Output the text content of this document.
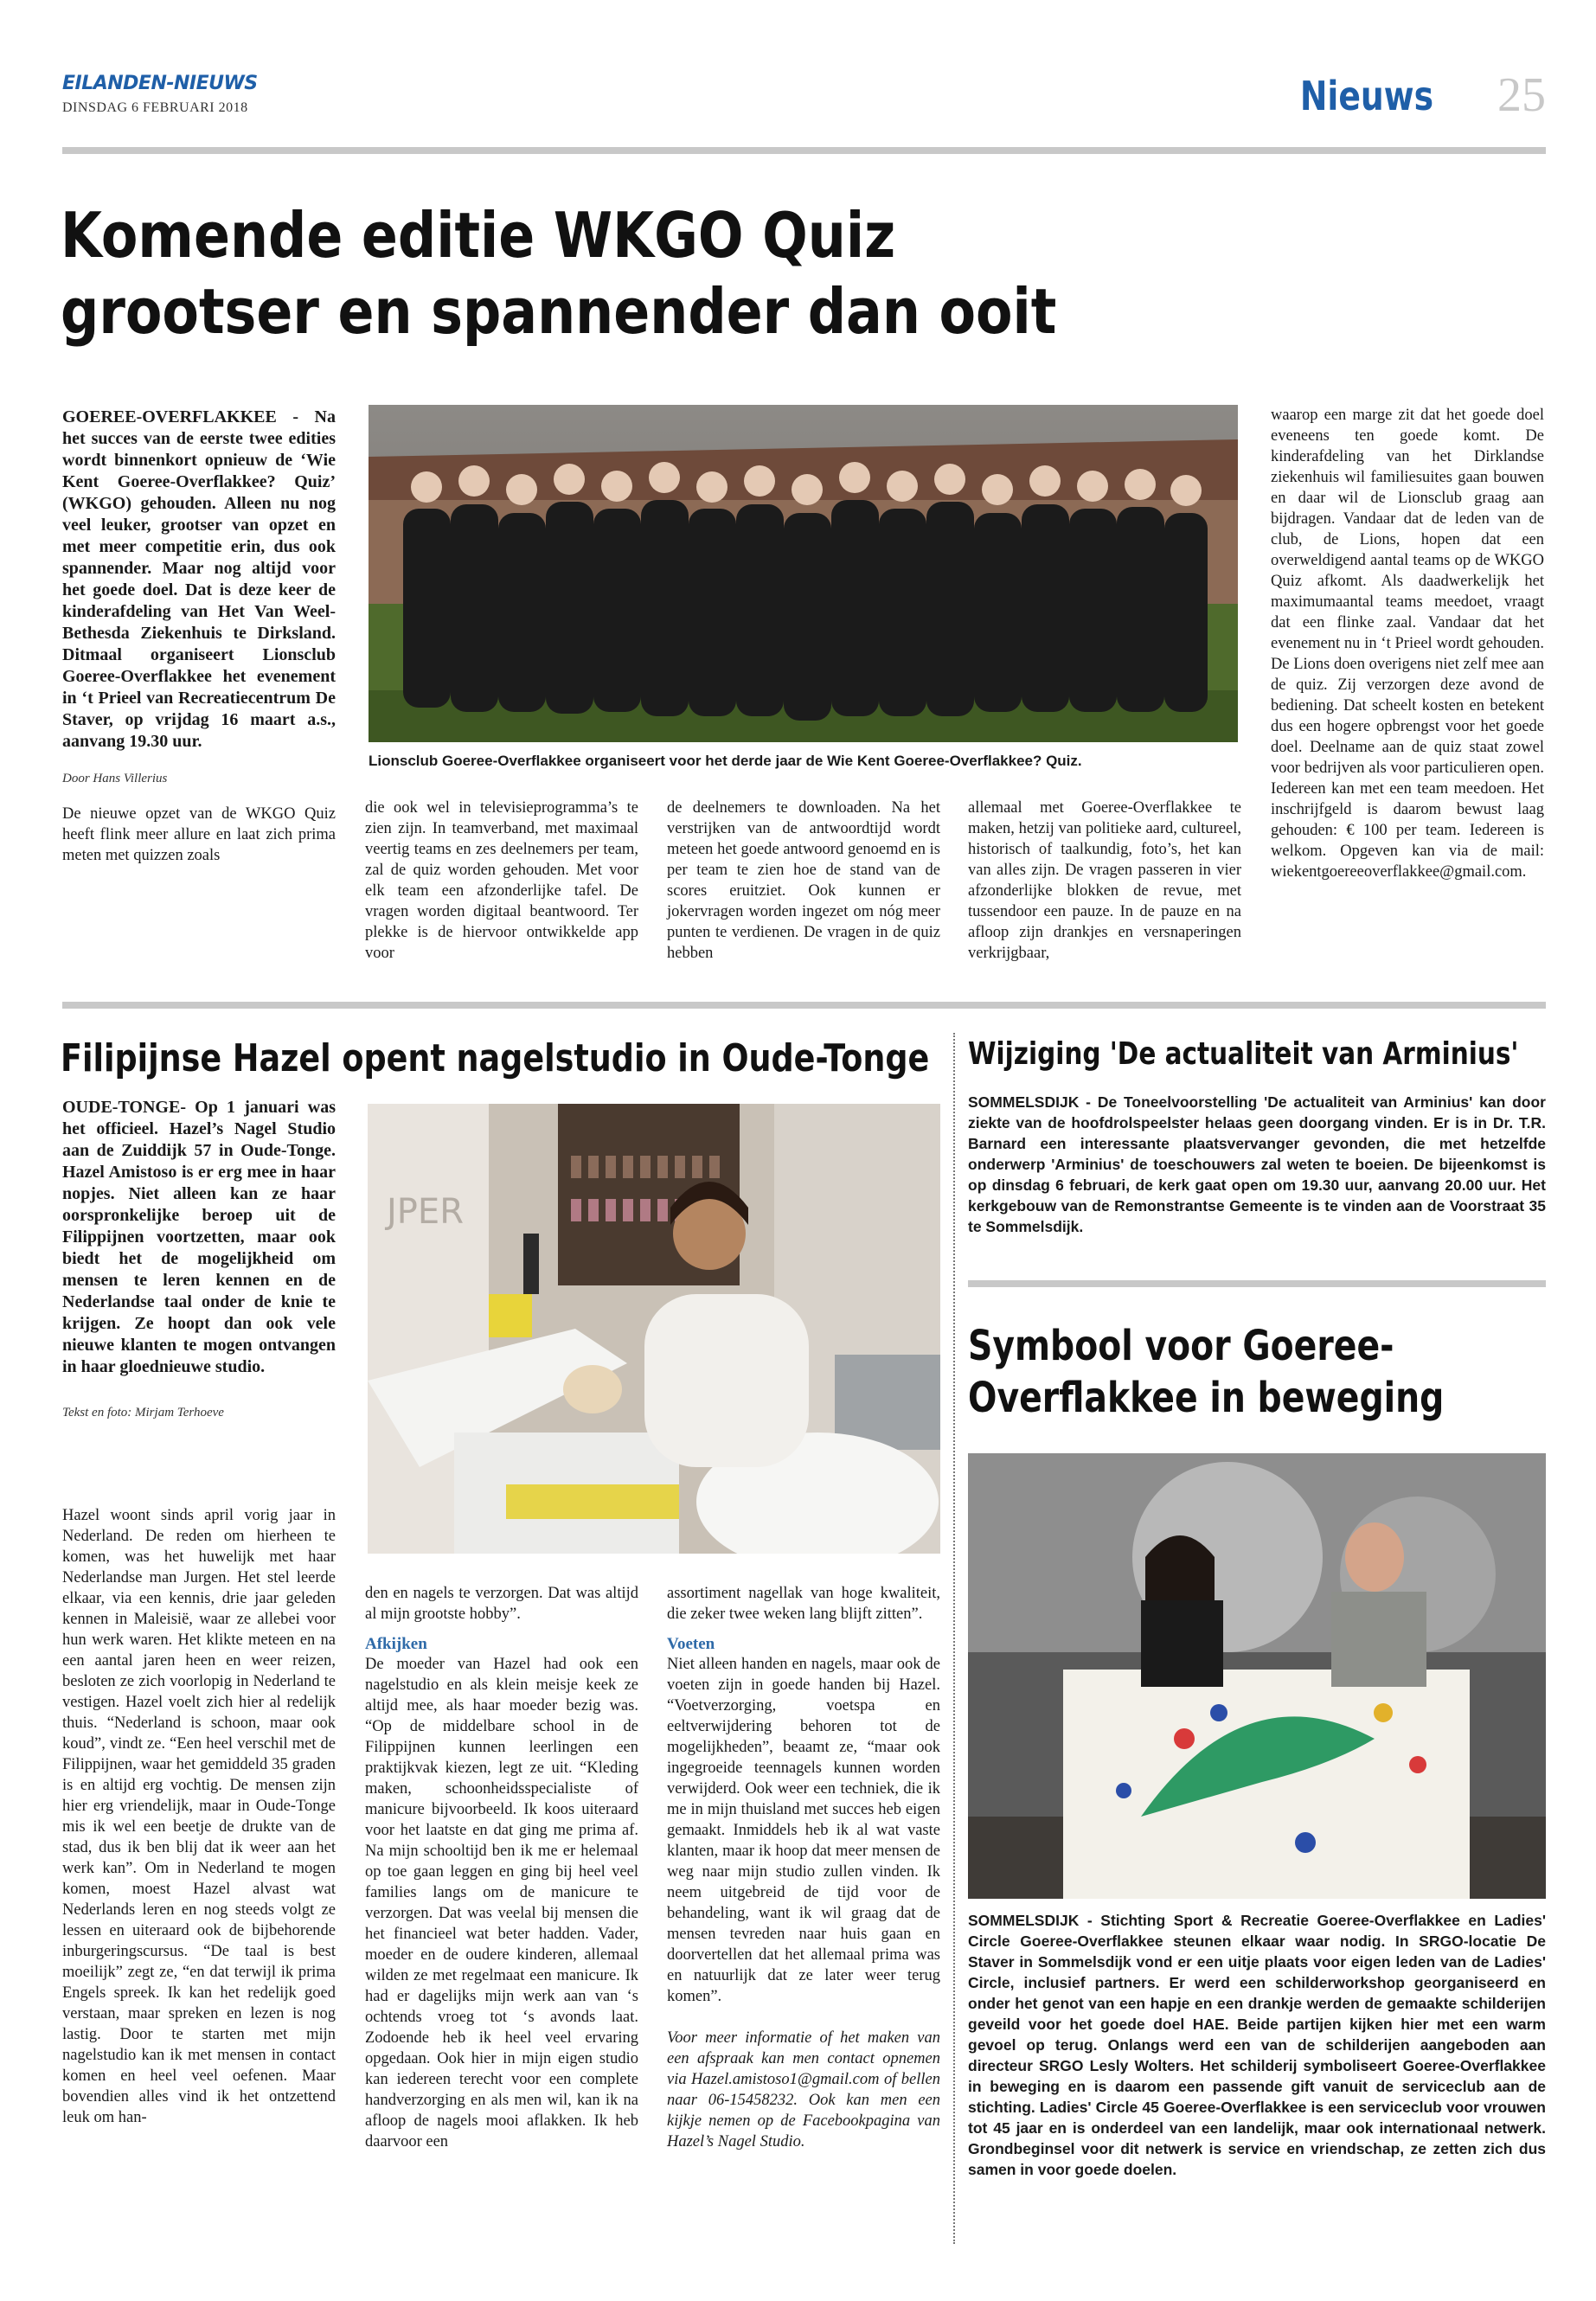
EILANDEN-NIEUWS
DINSDAG 6 FEBRUARI 2018	Nieuws 25
Komende editie WKGO Quiz
grootser en spannender dan ooit
GOEREE-OVERFLAKKEE - Na het succes van de eerste twee edities wordt binnenkort opnieuw de ‘Wie Kent Goeree-Overflakkee? Quiz’ (WKGO) gehouden. Alleen nu nog veel leuker, grootser van opzet en met meer competitie erin, dus ook spannender. Maar nog altijd voor het goede doel. Dat is deze keer de kinderafdeling van Het Van Weel-Bethesda Ziekenhuis te Dirksland. Ditmaal organiseert Lionsclub Goeree-Overflakkee het evenement in ‘t Prieel van Recreatiecentrum De Staver, op vrijdag 16 maart a.s., aanvang 19.30 uur.
Door Hans Villerius
De nieuwe opzet van de WKGO Quiz heeft flink meer allure en laat zich prima meten met quizzen zoals
Lionsclub Goeree-Overflakkee organiseert voor het derde jaar de Wie Kent Goeree-Overflakkee? Quiz.
die ook wel in televisieprogramma’s te zien zijn. In teamverband, met maximaal veertig teams en zes deelnemers per team, zal de quiz worden gehouden. Met voor elk team een afzonderlijke tafel. De vragen worden digitaal beantwoord. Ter plekke is de hiervoor ontwikkelde app voor
de deelnemers te downloaden. Na het verstrijken van de antwoordtijd wordt meteen het goede antwoord genoemd en is per team te zien hoe de stand van de scores eruitziet. Ook kunnen er jokervragen worden ingezet om nóg meer punten te verdienen. De vragen in de quiz hebben
allemaal met Goeree-Overflakkee te maken, hetzij van politieke aard, cultureel, historisch of taalkundig, foto’s, het kan van alles zijn. De vragen passeren in vier afzonderlijke blokken de revue, met tussendoor een pauze. In de pauze en na afloop zijn drankjes en versnaperingen verkrijgbaar,
waarop een marge zit dat het goede doel eveneens ten goede komt. De kinderafdeling van het Dirklandse ziekenhuis wil familiesuites gaan bouwen en daar wil de Lionsclub graag aan bijdragen. Vandaar dat de leden van de club, de Lions, hopen dat een overweldigend aantal teams op de WKGO Quiz afkomt. Als daadwerkelijk het maximumaantal teams meedoet, vraagt dat een flinke zaal. Vandaar dat het evenement nu in ‘t Prieel wordt gehouden. De Lions doen overigens niet zelf mee aan de quiz. Zij verzorgen deze avond de bediening. Dat scheelt kosten en betekent dus een hogere opbrengst voor het goede doel. Deelname aan de quiz staat zowel voor bedrijven als voor particulieren open. Iedereen kan met een team meedoen. Het inschrijfgeld is daarom bewust laag gehouden: € 100 per team. Iedereen is welkom. Opgeven kan via de mail: wiekentgoereeoverflakkee@gmail.com.
Filipijnse Hazel opent nagelstudio in Oude-Tonge
OUDE-TONGE- Op 1 januari was het officieel. Hazel’s Nagel Studio aan de Zuiddijk 57 in Oude-Tonge. Hazel Amistoso is er erg mee in haar nopjes. Niet alleen kan ze haar oorspronkelijke beroep uit de Filippijnen voortzetten, maar ook biedt het de mogelijkheid om mensen te leren kennen en de Nederlandse taal onder de knie te krijgen. Ze hoopt dan ook vele nieuwe klanten te mogen ontvangen in haar gloednieuwe studio.
Tekst en foto: Mirjam Terhoeve
JPER
Hazel woont sinds april vorig jaar in Nederland. De reden om hierheen te komen, was het huwelijk met haar Nederlandse man Jurgen. Het stel leerde elkaar, via een kennis, drie jaar geleden kennen in Maleisië, waar ze allebei voor hun werk waren. Het klikte meteen en na een aantal jaren heen en weer reizen, besloten ze zich voorlopig in Nederland te vestigen. Hazel voelt zich hier al redelijk thuis. “Nederland is schoon, maar ook koud”, vindt ze. “Een heel verschil met de Filippijnen, waar het gemiddeld 35 graden is en altijd erg vochtig. De mensen zijn hier erg vriendelijk, maar in Oude-Tonge mis ik wel een beetje de drukte van de stad, dus ik ben blij dat ik weer aan het werk kan”. Om in Nederland te mogen komen, moest Hazel alvast wat Nederlands leren en nog steeds volgt ze lessen en uiteraard ook de bijbehorende inburgeringscursus. “De taal is best moeilijk” zegt ze, “en dat terwijl ik prima Engels spreek. Ik kan het redelijk goed verstaan, maar spreken en lezen is nog lastig. Door te starten met mijn nagelstudio kan ik met mensen in contact komen en heel veel oefenen. Maar bovendien alles vind ik het ontzettend leuk om han-
den en nagels te verzorgen. Dat was altijd al mijn grootste hobby”.
Afkijken
De moeder van Hazel had ook een nagelstudio en als klein meisje keek ze altijd mee, als haar moeder bezig was. “Op de middelbare school in de Filippijnen kunnen leerlingen een praktijkvak kiezen, legt ze uit. “Kleding maken, schoonheidsspecialiste of manicure bijvoorbeeld. Ik koos uiteraard voor het laatste en dat ging me prima af. Na mijn schooltijd ben ik me er helemaal op toe gaan leggen en ging bij heel veel families langs om de manicure te verzorgen. Dat was veelal bij mensen die het financieel wat beter hadden. Vader, moeder en de oudere kinderen, allemaal wilden ze met regelmaat een manicure. Ik had er dagelijks mijn werk aan van ‘s ochtends vroeg tot ‘s avonds laat. Zodoende heb ik heel veel ervaring opgedaan. Ook hier in mijn eigen studio kan iedereen terecht voor een complete handverzorging en als men wil, kan ik na afloop de nagels mooi aflakken. Ik heb daarvoor een
assortiment nagellak van hoge kwaliteit, die zeker twee weken lang blijft zitten”.
Voeten
Niet alleen handen en nagels, maar ook de voeten zijn in goede handen bij Hazel. “Voetverzorging, voetspa en eeltverwijdering behoren tot de mogelijkheden”, beaamt ze, “maar ook ingegroeide teennagels kunnen worden verwijderd. Ook weer een techniek, die ik me in mijn thuisland met succes heb eigen gemaakt. Inmiddels heb ik al wat vaste klanten, maar ik hoop dat meer mensen de weg naar mijn studio zullen vinden. Ik neem uitgebreid de tijd voor de behandeling, want ik wil graag dat de mensen tevreden naar huis gaan en doorvertellen dat het allemaal prima was en natuurlijk dat ze later weer terug komen”.
Voor meer informatie of het maken van een afspraak kan men contact opnemen via Hazel.amistoso1@gmail.com of bellen naar 06-15458232. Ook kan men een kijkje nemen op de Facebookpagina van Hazel’s Nagel Studio.
Wijziging 'De actualiteit van Arminius'
SOMMELSDIJK - De Toneelvoorstelling 'De actualiteit van Arminius' kan door ziekte van de hoofdrolspeelster helaas geen doorgang vinden. Er is in Dr. T.R. Barnard een interessante plaatsvervanger gevonden, die met hetzelfde onderwerp 'Arminius' de toeschouwers zal weten te boeien. De bijeenkomst is op dinsdag 6 februari, de kerk gaat open om 19.30 uur, aanvang 20.00 uur. Het kerkgebouw van de Remonstrantse Gemeente is te vinden aan de Voorstraat 35 te Sommelsdijk.
Symbool voor Goeree-
Overflakkee in beweging
SOMMELSDIJK - Stichting Sport & Recreatie Goeree-Overflakkee en Ladies' Circle Goeree-Overflakkee steunen elkaar waar nodig. In SRGO-locatie De Staver in Sommelsdijk vond er een uitje plaats voor eigen leden van de Ladies' Circle, inclusief partners. Er werd een schilderworkshop georganiseerd en onder het genot van een hapje en een drankje werden de gemaakte schilderijen geveild voor het goede doel HAE. Beide partijen kijken hier met een warm gevoel op terug. Onlangs werd een van de schilderijen aangeboden aan directeur SRGO Lesly Wolters. Het schilderij symboliseert Goeree-Overflakkee in beweging en is daarom een passende gift vanuit de serviceclub aan de stichting. Ladies' Circle 45 Goeree-Overflakkee is een serviceclub voor vrouwen tot 45 jaar en is onderdeel van een landelijk, maar ook internationaal netwerk. Grondbeginsel voor dit netwerk is service en vriendschap, ze zetten zich dus samen in voor goede doelen.
